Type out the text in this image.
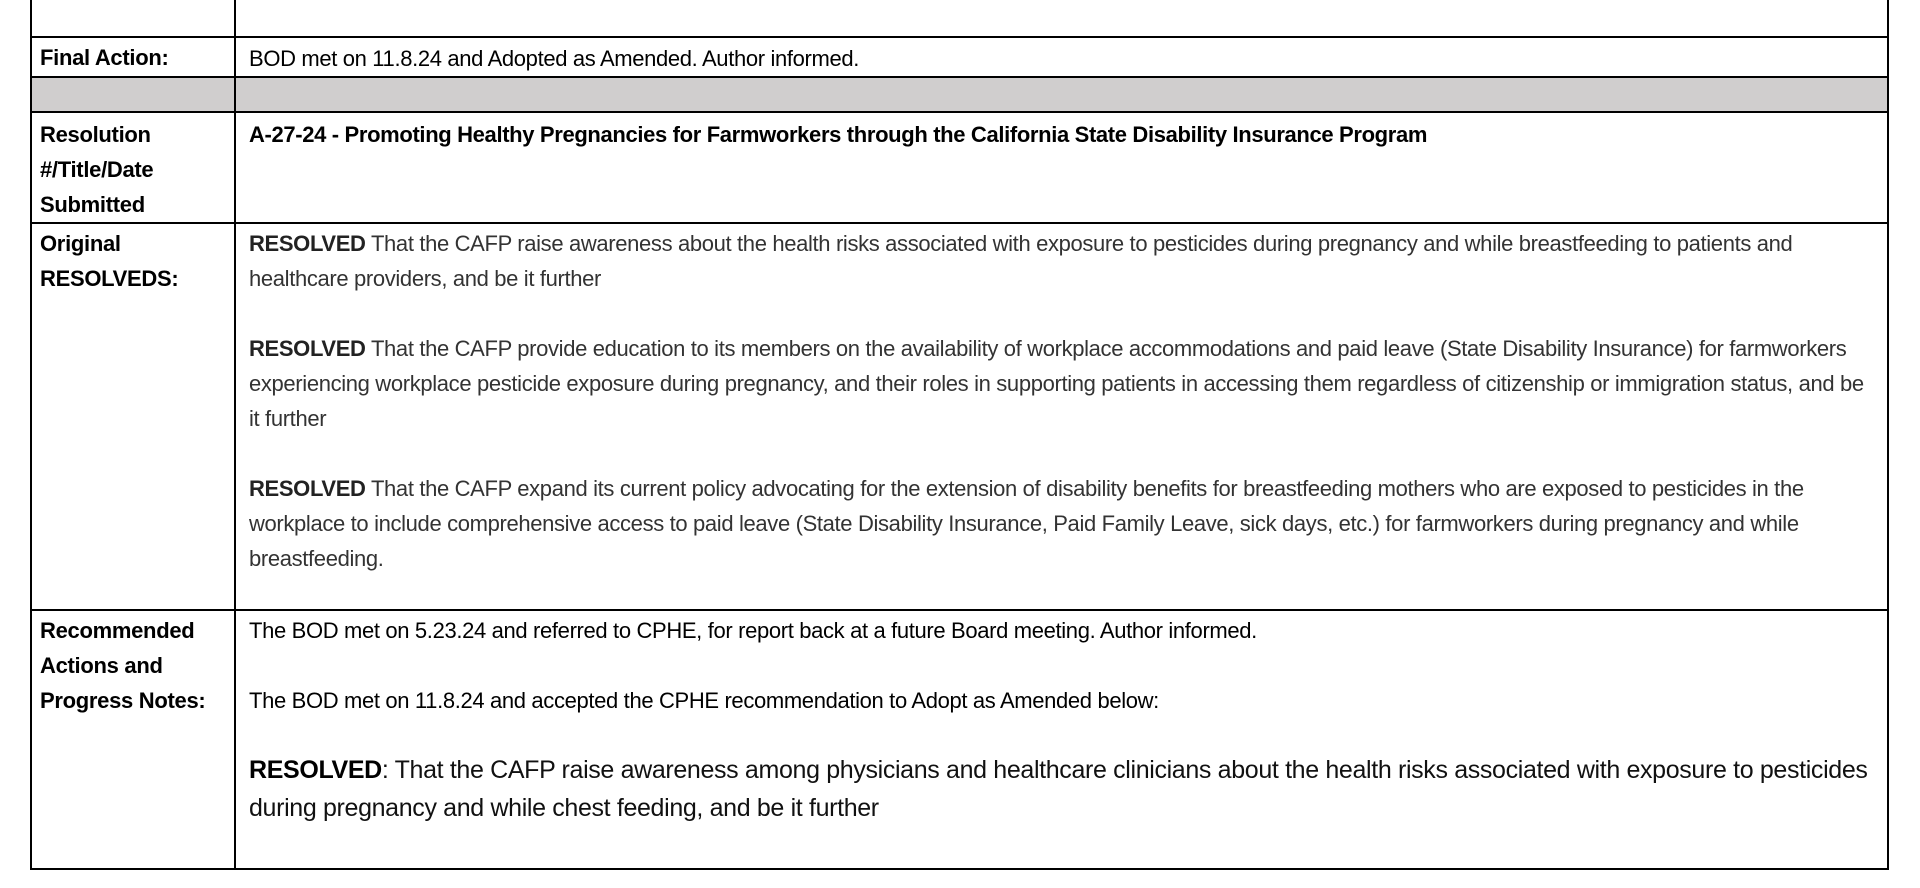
Final Action:	BOD met on 11.8.24 and Adopted as Amended. Author informed.

Resolution #/Title/Date Submitted	A-27-24 - Promoting Healthy Pregnancies for Farmworkers through the California State Disability Insurance Program
Original RESOLVEDS:	RESOLVED That the CAFP raise awareness about the health risks associated with exposure to pesticides during pregnancy and while breastfeeding to patients and healthcare providers, and be it further

RESOLVED That the CAFP provide education to its members on the availability of workplace accommodations and paid leave (State Disability Insurance) for farmworkers experiencing workplace pesticide exposure during pregnancy, and their roles in supporting patients in accessing them regardless of citizenship or immigration status, and be it further

RESOLVED That the CAFP expand its current policy advocating for the extension of disability benefits for breastfeeding mothers who are exposed to pesticides in the workplace to include comprehensive access to paid leave (State Disability Insurance, Paid Family Leave, sick days, etc.) for farmworkers during pregnancy and while breastfeeding.

Recommended Actions and Progress Notes:	The BOD met on 5.23.24 and referred to CPHE, for report back at a future Board meeting. Author informed.

The BOD met on 11.8.24 and accepted the CPHE recommendation to Adopt as Amended below:

RESOLVED: That the CAFP raise awareness among physicians and healthcare clinicians about the health risks associated with exposure to pesticides during pregnancy and while chest feeding, and be it further
